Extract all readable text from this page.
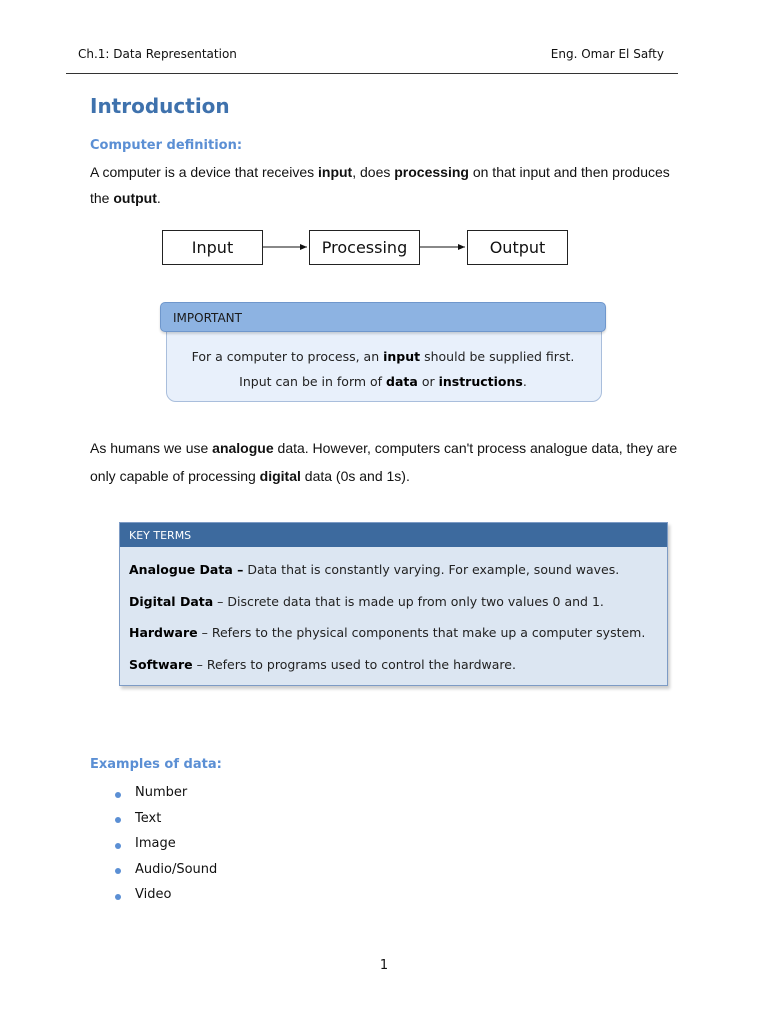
Ch.1: Data Representation	Eng. Omar El Safty
Introduction
Computer definition:
A computer is a device that receives input, does processing on that input and then produces the output.
Input	Processing	Output
IMPORTANT
For a computer to process, an input should be supplied first.
Input can be in form of data or instructions.
As humans we use analogue data. However, computers can't process analogue data, they are only capable of processing digital data (0s and 1s).
KEY TERMS
Analogue Data – Data that is constantly varying. For example, sound waves.
Digital Data – Discrete data that is made up from only two values 0 and 1.
Hardware – Refers to the physical components that make up a computer system.
Software – Refers to programs used to control the hardware.
Examples of data:
Number
Text
Image
Audio/Sound
Video
1
